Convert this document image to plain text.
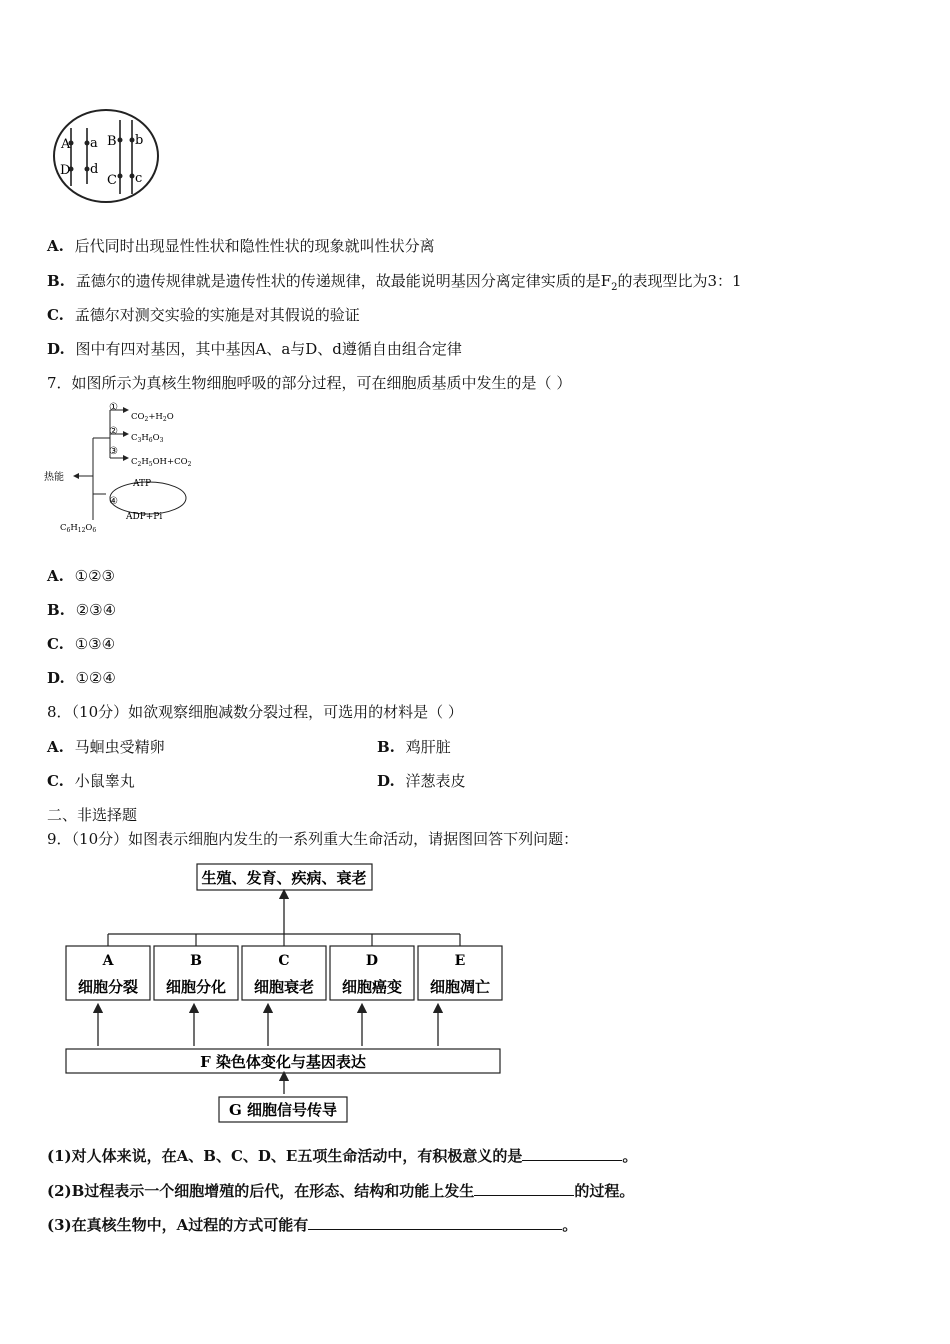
A a
D d
B b
C c
A. 后代同时出现显性性状和隐性性状的现象就叫性状分离
B. 孟德尔的遗传规律就是遗传性状的传递规律，故最能说明基因分离定律实质的是$F_2$的表现型比为3：1
C. 孟德尔对测交实验的实施是对其假说的验证
D. 图中有四对基因，其中基因A、a与D、d遵循自由组合定律
7．如图所示为真核生物细胞呼吸的部分过程，可在细胞质基质中发生的是（ ）
①
②
③
④
$CO_2+H_2O$
$C_3H_6O_3$
$C_2H_5OH+CO_2$
ATP
ADP+Pi
热能
$C_6H_{12}O_6$
A. ①②③
B. ②③④
C. ①③④
D. ①②④
8．（10分）如欲观察细胞减数分裂过程，可选用的材料是（ ）
A. 马蛔虫受精卵	B. 鸡肝脏
C. 小鼠睾丸	D. 洋葱表皮
二、非选择题
9．（10分）如图表示细胞内发生的一系列重大生命活动，请据图回答下列问题：
生殖、发育、疾病、衰老
A
细胞分裂
B
细胞分化
C
细胞衰老
D
细胞癌变
E
细胞凋亡
F 染色体变化与基因表达
G 细胞信号传导
(1)对人体来说，在A、B、C、D、E五项生命活动中，有积极意义的是	。
(2)B过程表示一个细胞增殖的后代，在形态、结构和功能上发生	的过程。
(3)在真核生物中，A过程的方式可能有	。
